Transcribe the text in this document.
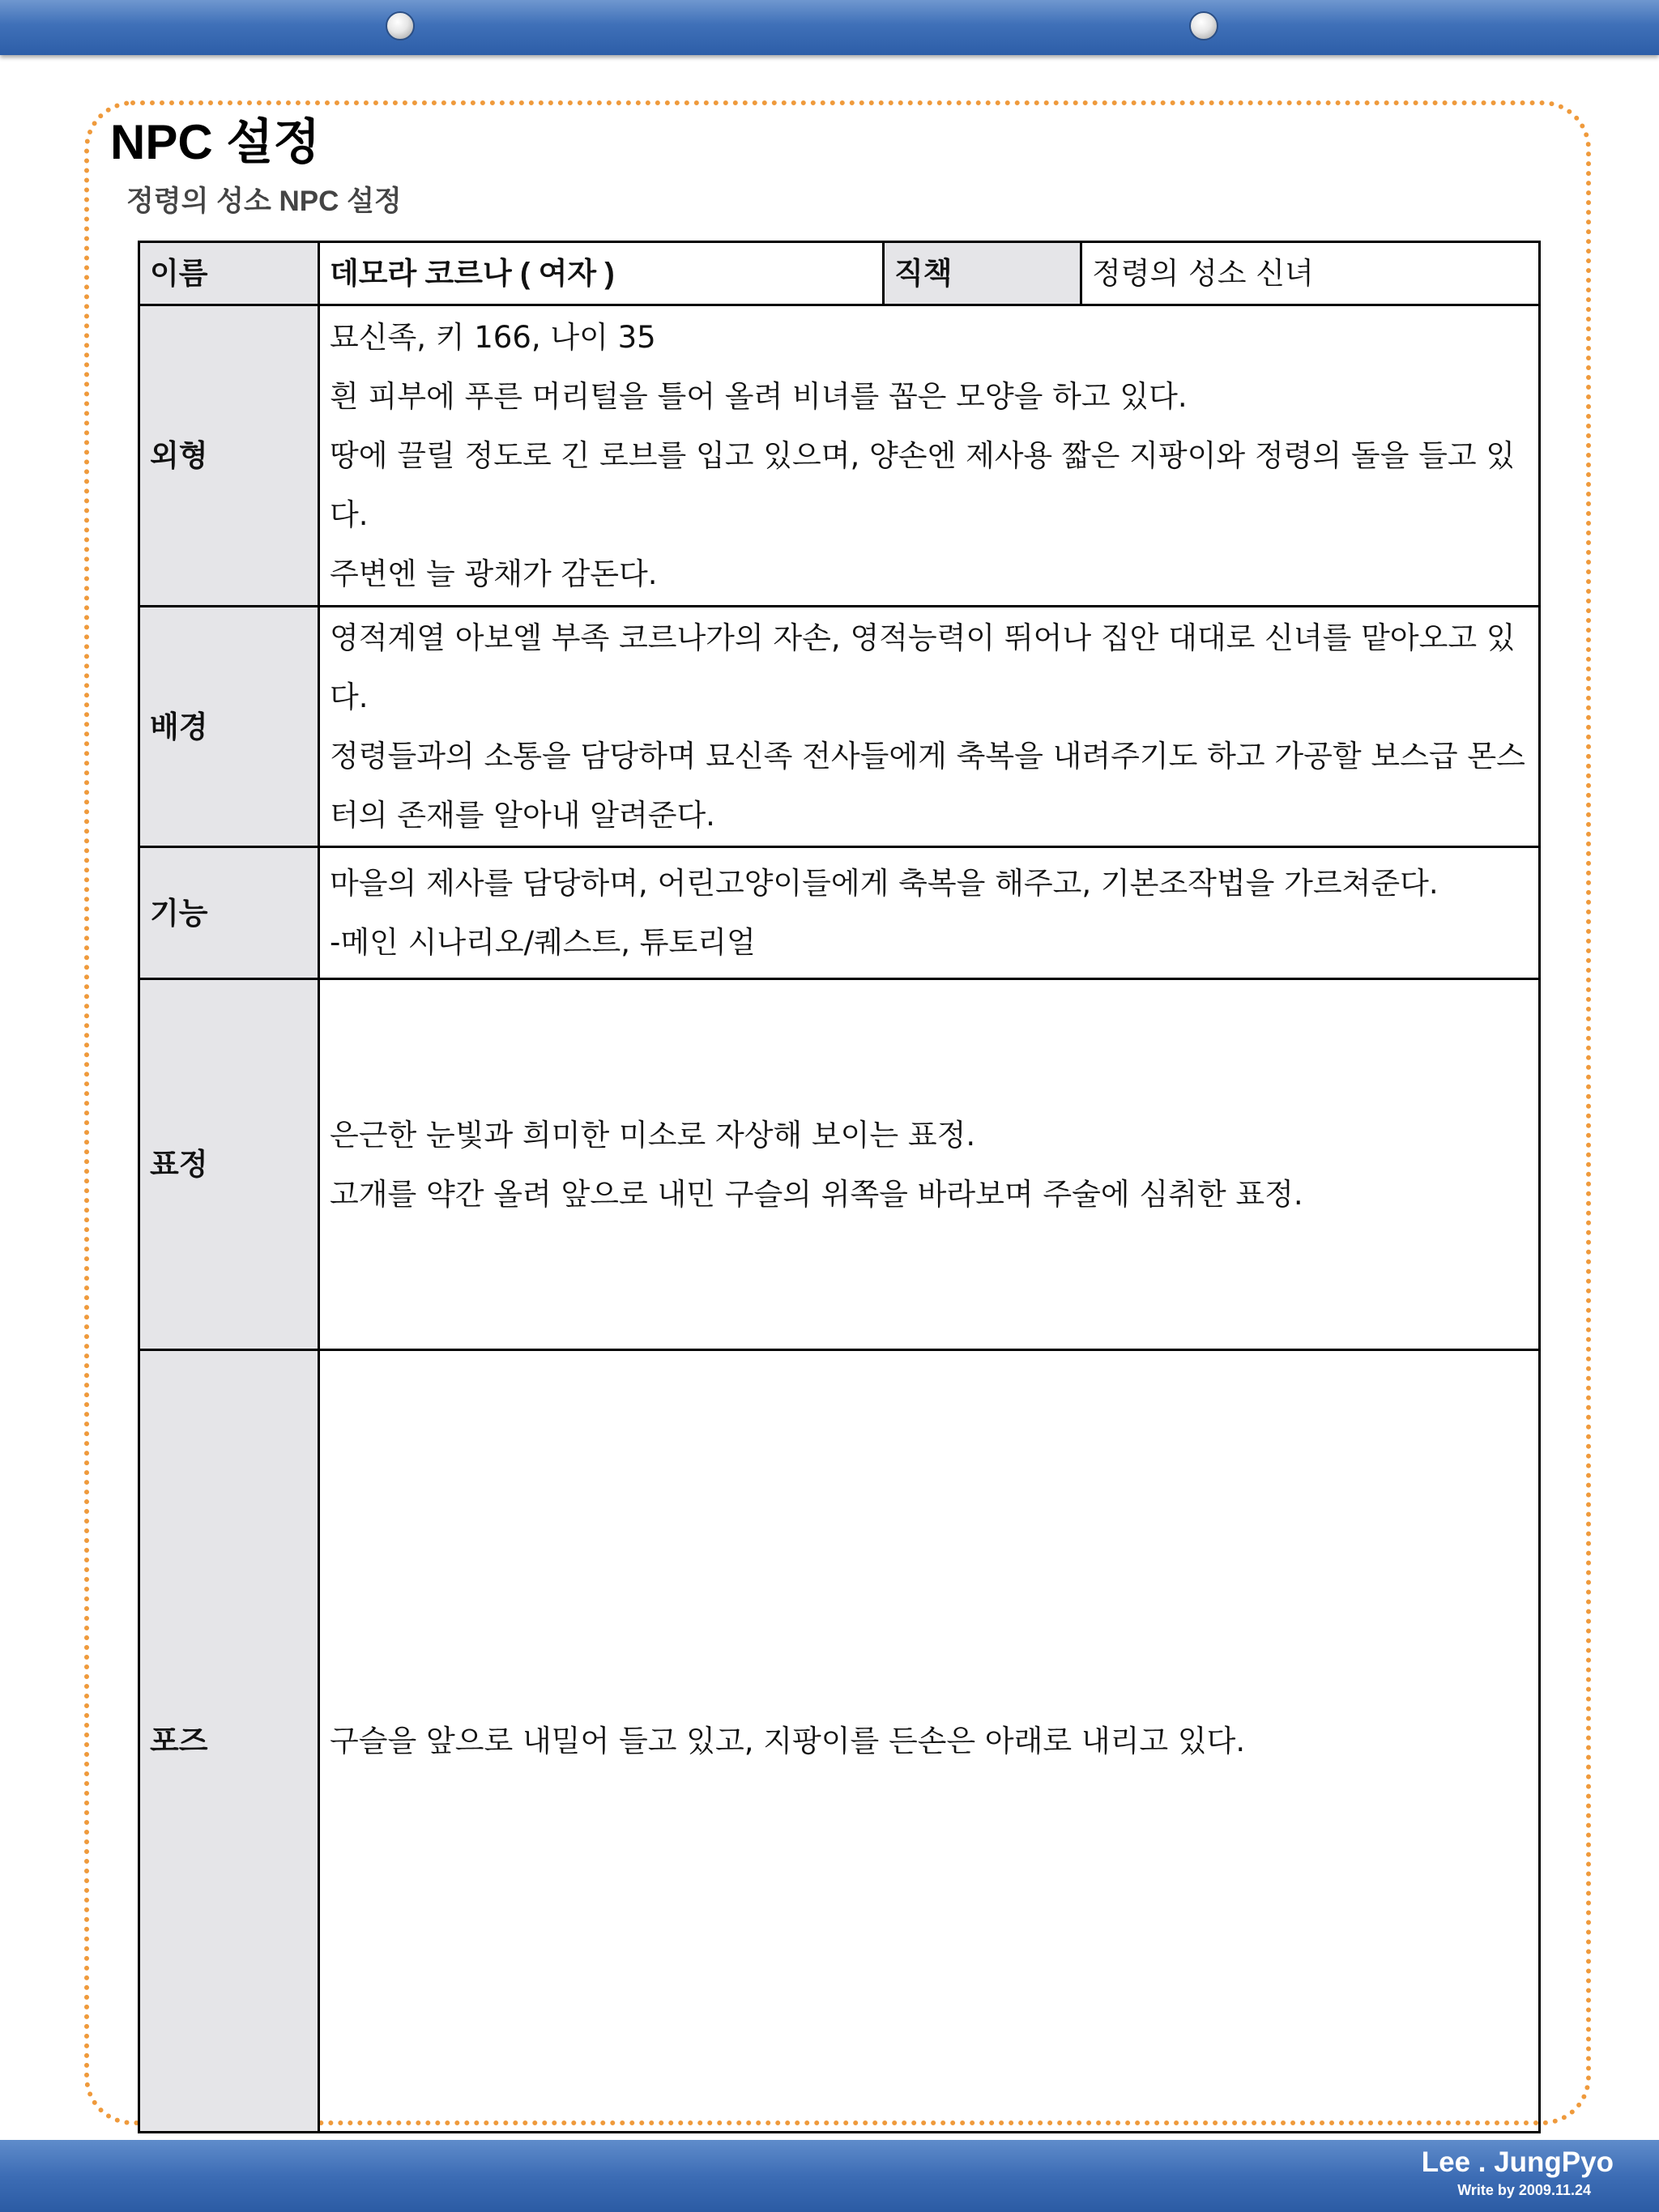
NPC 설정
정령의 성소 NPC 설정
이름	데모라 코르나 ( 여자 )	직책	정령의 성소 신녀
외형	묘신족, 키 166, 나이 35
흰 피부에 푸른 머리털을 틀어 올려 비녀를 꼽은 모양을 하고 있다.
땅에 끌릴 정도로 긴 로브를 입고 있으며, 양손엔 제사용 짧은 지팡이와 정령의 돌을 들고 있다.
주변엔 늘 광채가 감돈다.		

배경	영적계열 아보엘 부족 코르나가의 자손, 영적능력이 뛰어나 집안 대대로 신녀를 맡아오고 있다.
정령들과의 소통을 담당하며 묘신족 전사들에게 축복을 내려주기도 하고 가공할 보스급 몬스터의 존재를 알아내 알려준다.		

기능	마을의 제사를 담당하며, 어린고양이들에게 축복을 해주고, 기본조작법을 가르쳐준다.
-메인 시나리오/퀘스트, 튜토리얼		

표정	은근한 눈빛과 희미한 미소로 자상해 보이는 표정.
고개를 약간 올려 앞으로 내민 구슬의 위쪽을 바라보며 주술에 심취한 표정.		

포즈	구슬을 앞으로 내밀어 들고 있고, 지팡이를 든손은 아래로 내리고 있다.		
Lee . JungPyo
Write by 2009.11.24
